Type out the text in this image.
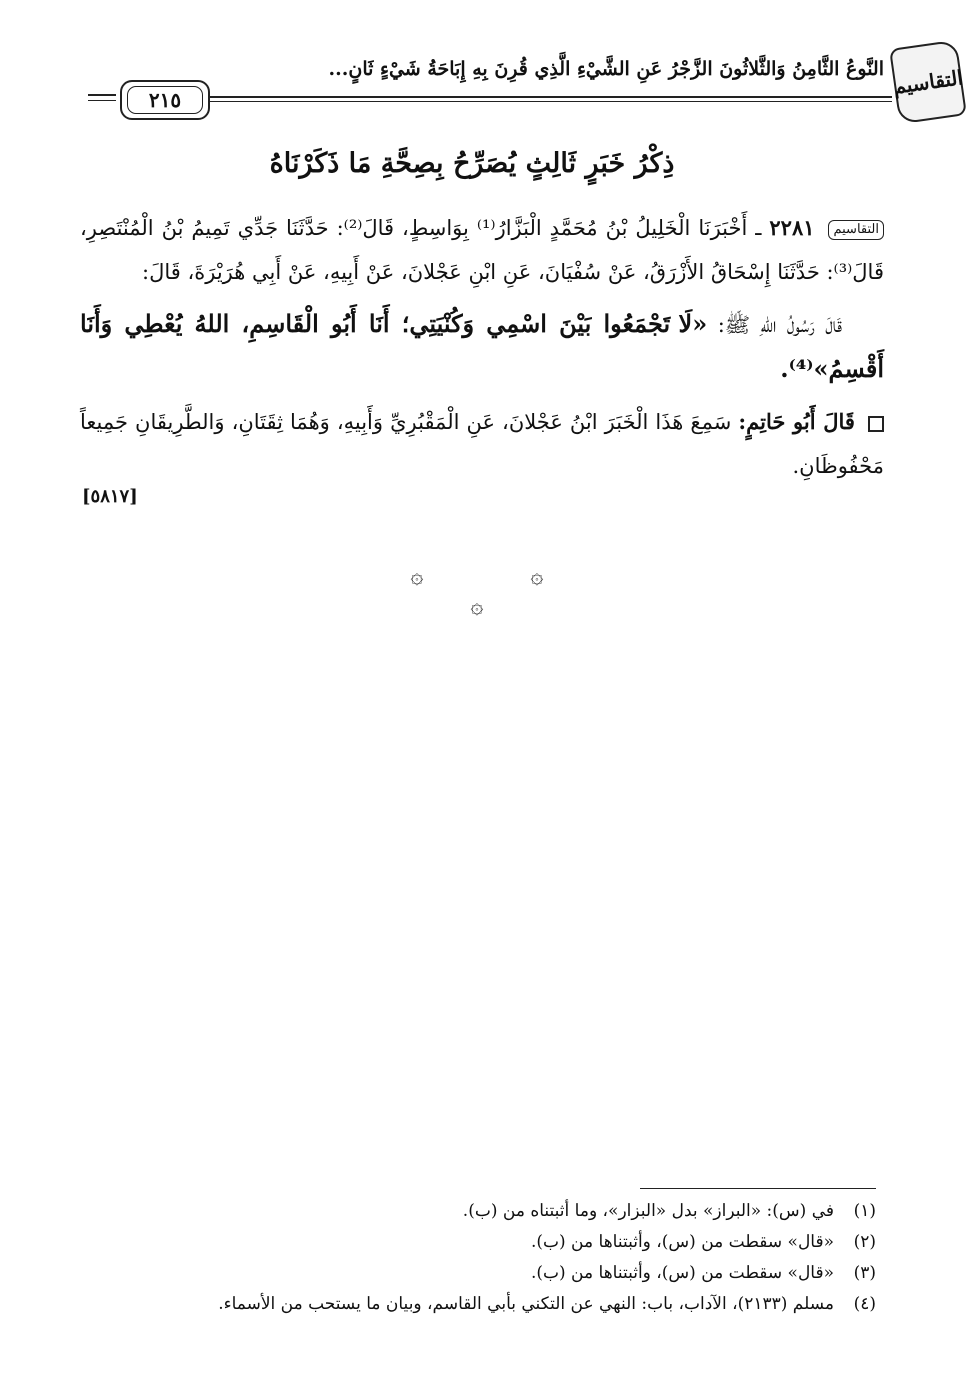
التقاسيم
النَّوعُ الثَّامِنُ وَالثَّلاثُونَ الزَّجْرُ عَنِ الشَّيْءِ الَّذِي قُرِنَ بِهِ إِبَاحَةُ شَيْءٍ ثَانٍ...
٢١٥
ذِكْرُ خَبَرٍ ثَالِثٍ يُصَرِّحُ بِصِحَّةِ مَا ذَكَرْنَاهُ

التقاسيم ٢٢٨١ ـ أَخْبَرَنَا الْخَلِيلُ بْنُ مُحَمَّدٍ الْبَزَّارُ⁽¹⁾ بِوَاسِطٍ، قَالَ⁽²⁾: حَدَّثَنَا جَدِّي تَمِيمُ بْنُ الْمُنْتَصِرِ، قَالَ⁽³⁾: حَدَّثَنَا إِسْحَاقُ الأَزْرَقُ، عَنْ سُفْيَانَ، عَنِ ابْنِ عَجْلانَ، عَنْ أَبِيهِ، عَنْ أَبِي هُرَيْرَةَ، قَالَ:

قَالَ رَسُولُ اللهِ ﷺ: «لَا تَجْمَعُوا بَيْنَ اسْمِي وَكُنْيَتِي؛ أَنَا أَبُو الْقَاسِمِ، اللهُ يُعْطِي وَأَنَا أَقْسِمُ»⁽⁴⁾.

قَالَ أَبُو حَاتِمٍ: سَمِعَ هَذَا الْخَبَرَ ابْنُ عَجْلانَ، عَنِ الْمَقْبُرِيِّ وَأَبِيهِ، وَهُمَا ثِقَتَانِ، وَالطَّرِيقَانِ جَمِيعاً مَحْفُوظَانِ.

[٥٨١٧]
۞	۞
۞
(١)
في (س): «البراز» بدل «البزار»، وما أثبتناه من (ب).
(٢)
«قال» سقطت من (س)، وأثبتناها من (ب).
(٣)
«قال» سقطت من (س)، وأثبتناها من (ب).
(٤)
مسلم (٢١٣٣)، الآداب، باب: النهي عن التكني بأبي القاسم، وبيان ما يستحب من الأسماء.
